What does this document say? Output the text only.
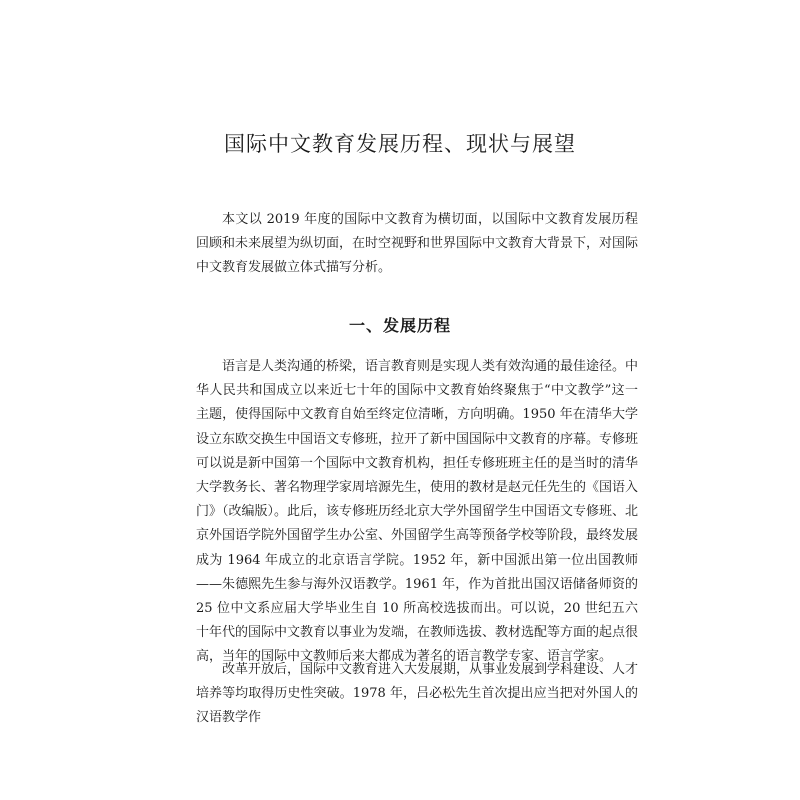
国际中文教育发展历程、现状与展望

本文以 2019 年度的国际中文教育为横切面，以国际中文教育发展历程回顾和未来展望为纵切面，在时空视野和世界国际中文教育大背景下，对国际中文教育发展做立体式描写分析。

一、发展历程

语言是人类沟通的桥梁，语言教育则是实现人类有效沟通的最佳途径。中华人民共和国成立以来近七十年的国际中文教育始终聚焦于“中文教学”这一主题，使得国际中文教育自始至终定位清晰，方向明确。1950 年在清华大学设立东欧交换生中国语文专修班，拉开了新中国国际中文教育的序幕。专修班可以说是新中国第一个国际中文教育机构，担任专修班班主任的是当时的清华大学教务长、著名物理学家周培源先生，使用的教材是赵元任先生的《国语入门》（改编版）。此后，该专修班历经北京大学外国留学生中国语文专修班、北京外国语学院外国留学生办公室、外国留学生高等预备学校等阶段，最终发展成为 1964 年成立的北京语言学院。1952 年，新中国派出第一位出国教师——朱德熙先生参与海外汉语教学。1961 年，作为首批出国汉语储备师资的 25 位中文系应届大学毕业生自 10 所高校选拔而出。可以说，20 世纪五六十年代的国际中文教育以事业为发端，在教师选拔、教材选配等方面的起点很高，当年的国际中文教师后来大都成为著名的语言教学专家、语言学家。

改革开放后，国际中文教育进入大发展期，从事业发展到学科建设、人才培养等均取得历史性突破。1978 年，吕必松先生首次提出应当把对外国人的汉语教学作
